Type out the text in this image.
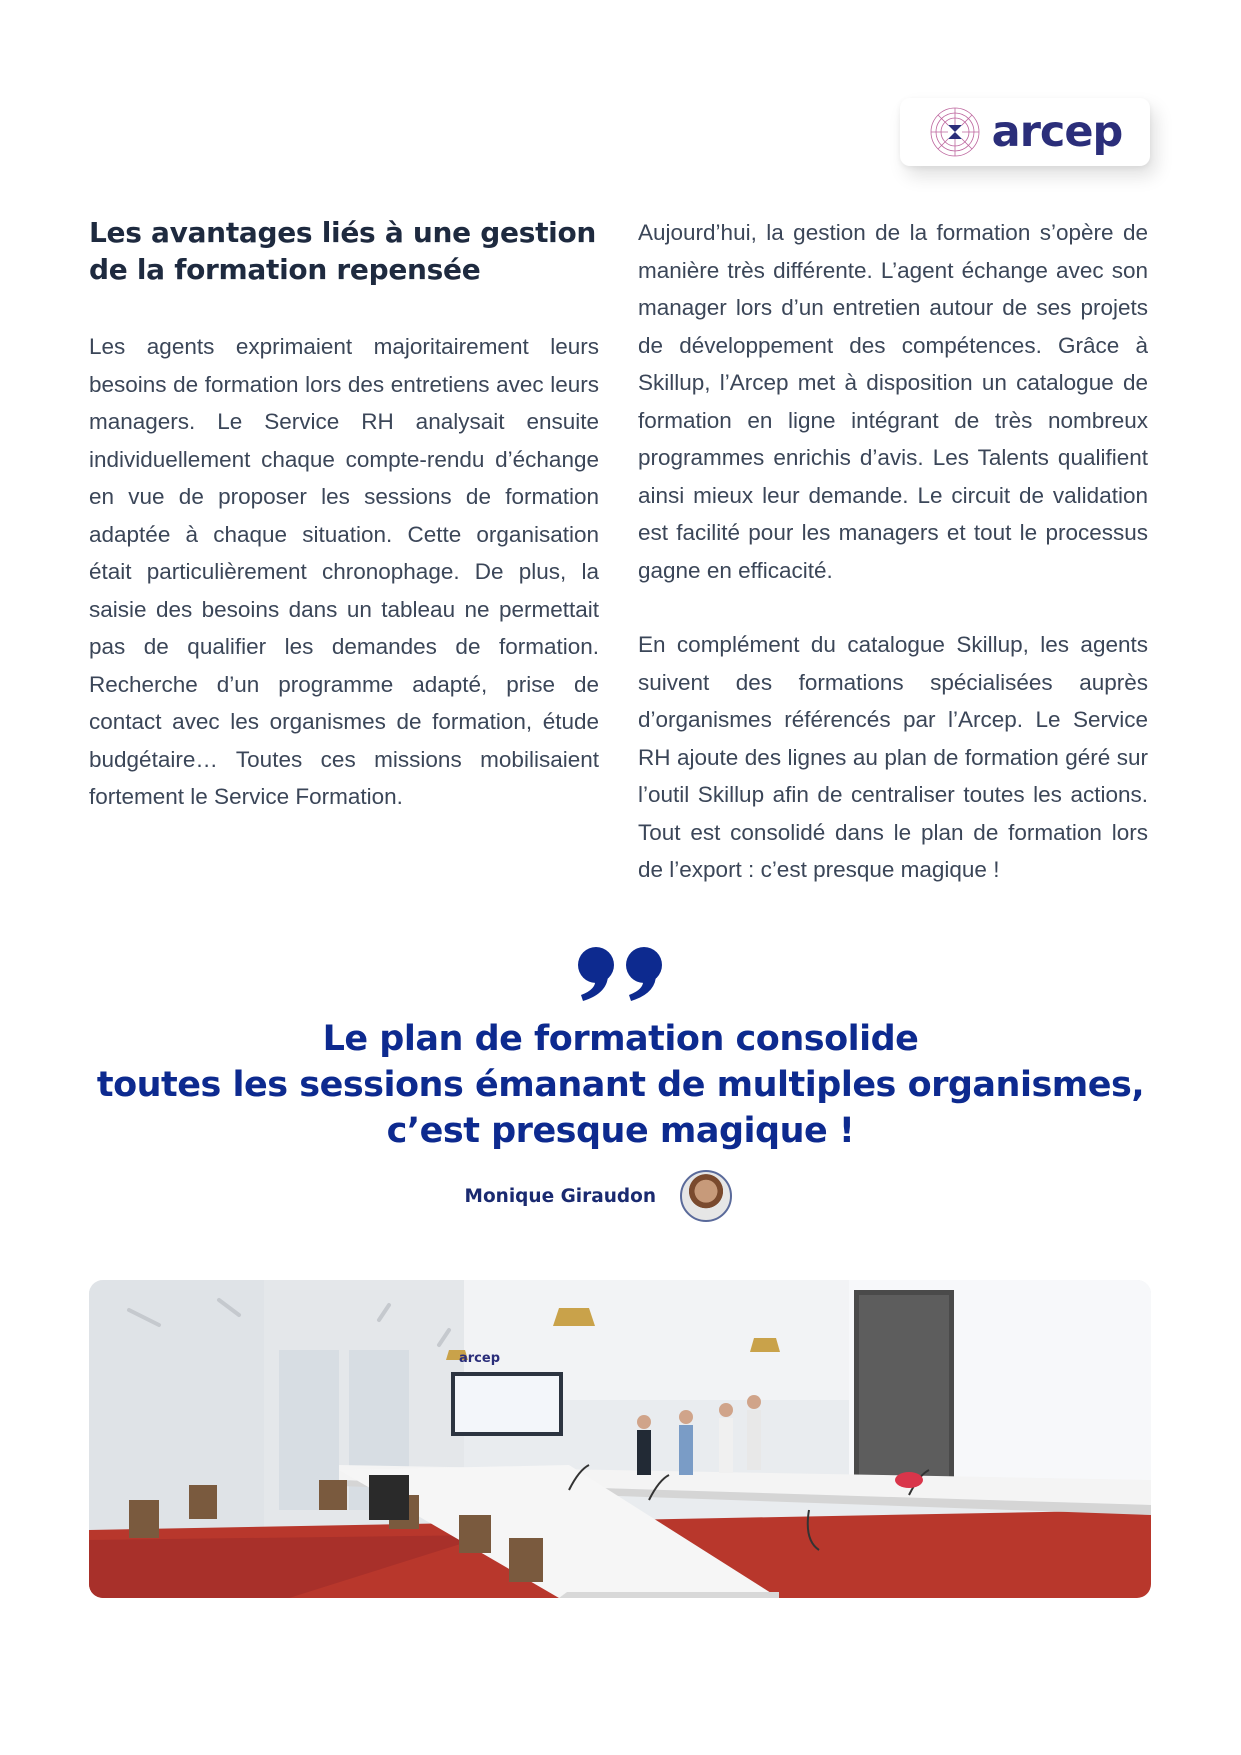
arcep
Les avantages liés à une gestion de la formation repensée

Les agents exprimaient majoritairement leurs besoins de formation lors des entretiens avec leurs managers. Le Service RH analysait ensuite individuellement chaque compte-rendu d’échange en vue de proposer les sessions de formation adaptée à chaque situation. Cette organisation était particulièrement chronophage. De plus, la saisie des besoins dans un tableau ne permettait pas de qualifier les demandes de formation. Recherche d’un programme adapté, prise de contact avec les organismes de formation, étude budgétaire… Toutes ces missions mobilisaient fortement le Service Formation.

Aujourd’hui, la gestion de la formation s’opère de manière très différente. L’agent échange avec son manager lors d’un entretien autour de ses projets de développement des compétences. Grâce à Skillup, l’Arcep met à disposition un catalogue de formation en ligne intégrant de très nombreux programmes enrichis d’avis. Les Talents qualifient ainsi mieux leur demande. Le circuit de validation est facilité pour les managers et tout le processus gagne en efficacité.

En complément du catalogue Skillup, les agents suivent des formations spécialisées auprès d’organismes référencés par l’Arcep. Le Service RH ajoute des lignes au plan de formation géré sur l’outil Skillup afin de centraliser toutes les actions. Tout est consolidé dans le plan de formation lors de l’export : c’est presque magique !

Le plan de formation consolide
toutes les sessions émanant de multiples organismes,
c’est presque magique !

Monique Giraudon
arcep
